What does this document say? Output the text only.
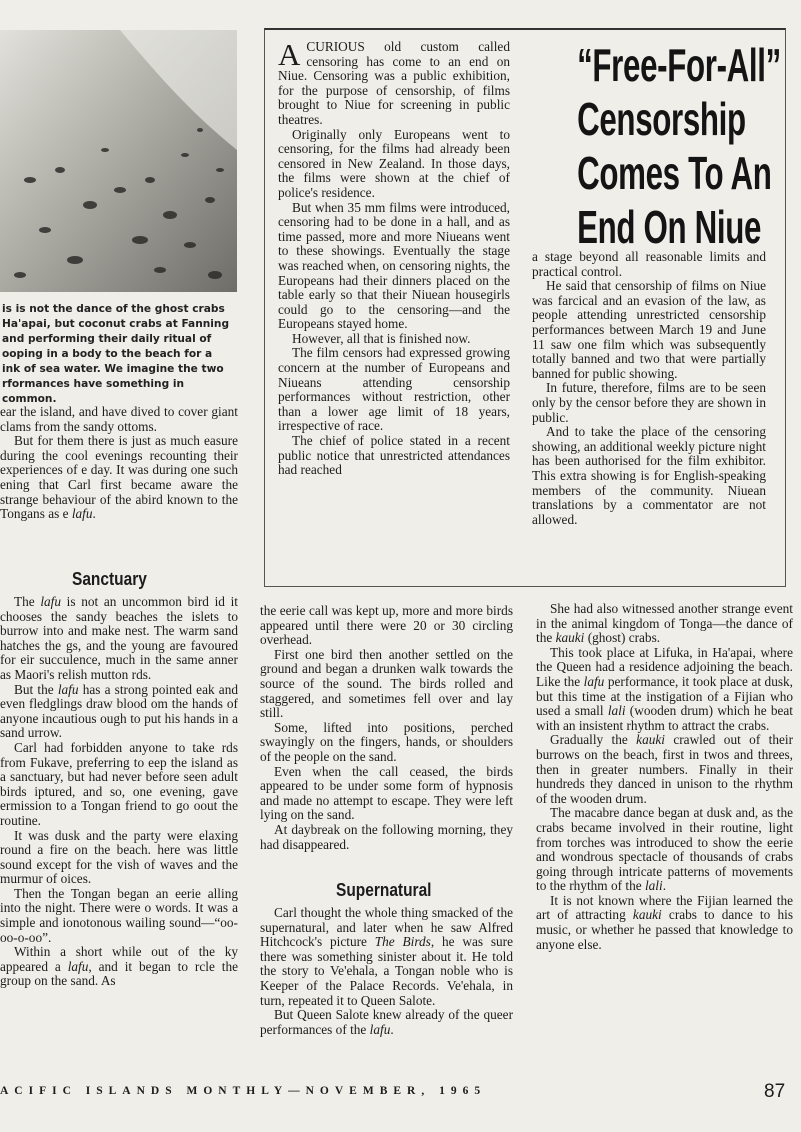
is is not the dance of the ghost crabs

Ha'apai, but coconut crabs at Fanning

and performing their daily ritual of

ooping in a body to the beach for a

ink of sea water. We imagine the two

rformances have something in common.

“Free-For-All”
Censorship
Comes To An
End On Niue
A CURIOUS old custom called censoring has come to an end on Niue. Censoring was a public exhibition, for the purpose of censorship, of films brought to Niue for screening in public theatres.

Originally only Europeans went to censoring, for the films had already been censored in New Zealand. In those days, the films were shown at the chief of police's residence.

But when 35 mm films were introduced, censoring had to be done in a hall, and as time passed, more and more Niueans went to these showings. Eventually the stage was reached when, on censoring nights, the Europeans had their dinners placed on the table early so that their Niuean housegirls could go to the censoring—and the Europeans stayed home.

However, all that is finished now.

The film censors had expressed growing concern at the number of Europeans and Niueans attending censorship performances without restriction, other than a lower age limit of 18 years, irrespective of race.

The chief of police stated in a recent public notice that unrestricted attendances had reached

a stage beyond all reasonable limits and practical control.

He said that censorship of films on Niue was farcical and an evasion of the law, as people attending unrestricted censorship performances between March 19 and June 11 saw one film which was subsequently totally banned and two that were partially banned for public showing.

In future, therefore, films are to be seen only by the censor before they are shown in public.

And to take the place of the censoring showing, an additional weekly picture night has been authorised for the film exhibitor. This extra showing is for English-speaking members of the community. Niuean translations by a commentator are not allowed.

ear the island, and have dived to cover giant clams from the sandy ottoms.

But for them there is just as much easure during the cool evenings recounting their experiences of e day. It was during one such ening that Carl first became aware the strange behaviour of the abird known to the Tongans as e lafu.

Sanctuary

The lafu is not an uncommon bird id it chooses the sandy beaches the islets to burrow into and make nest. The warm sand hatches the gs, and the young are favoured for eir succulence, much in the same anner as Maori's relish mutton rds.

But the lafu has a strong pointed eak and even fledglings draw blood om the hands of anyone incautious ough to put his hands in a sand urrow.

Carl had forbidden anyone to take rds from Fukave, preferring to eep the island as a sanctuary, but had never before seen adult birds iptured, and so, one evening, gave ermission to a Tongan friend to go oout the routine.

It was dusk and the party were elaxing round a fire on the beach. here was little sound except for the vish of waves and the murmur of oices.

Then the Tongan began an eerie alling into the night. There were o words. It was a simple and ionotonous wailing sound—“oo-oo-o-oo”.

Within a short while out of the ky appeared a lafu, and it began to rcle the group on the sand. As

the eerie call was kept up, more and more birds appeared until there were 20 or 30 circling overhead.

First one bird then another settled on the ground and began a drunken walk towards the source of the sound. The birds rolled and staggered, and sometimes fell over and lay still.

Some, lifted into positions, perched swayingly on the fingers, hands, or shoulders of the people on the sand.

Even when the call ceased, the birds appeared to be under some form of hypnosis and made no attempt to escape. They were left lying on the sand.

At daybreak on the following morning, they had disappeared.

Supernatural

Carl thought the whole thing smacked of the supernatural, and later when he saw Alfred Hitchcock's picture The Birds, he was sure there was something sinister about it. He told the story to Ve'ehala, a Tongan noble who is Keeper of the Palace Records. Ve'ehala, in turn, repeated it to Queen Salote.

But Queen Salote knew already of the queer performances of the lafu.

She had also witnessed another strange event in the animal kingdom of Tonga—the dance of the kauki (ghost) crabs.

This took place at Lifuka, in Ha'apai, where the Queen had a residence adjoining the beach. Like the lafu performance, it took place at dusk, but this time at the instigation of a Fijian who used a small lali (wooden drum) which he beat with an insistent rhythm to attract the crabs.

Gradually the kauki crawled out of their burrows on the beach, first in twos and threes, then in greater numbers. Finally in their hundreds they danced in unison to the rhythm of the wooden drum.

The macabre dance began at dusk and, as the crabs became involved in their routine, light from torches was introduced to show the eerie and wondrous spectacle of thousands of crabs going through intricate patterns of movements to the rhythm of the lali.

It is not known where the Fijian learned the art of attracting kauki crabs to dance to his music, or whether he passed that knowledge to anyone else.

ACIFIC ISLANDS MONTHLY—NOVEMBER, 1965	87
